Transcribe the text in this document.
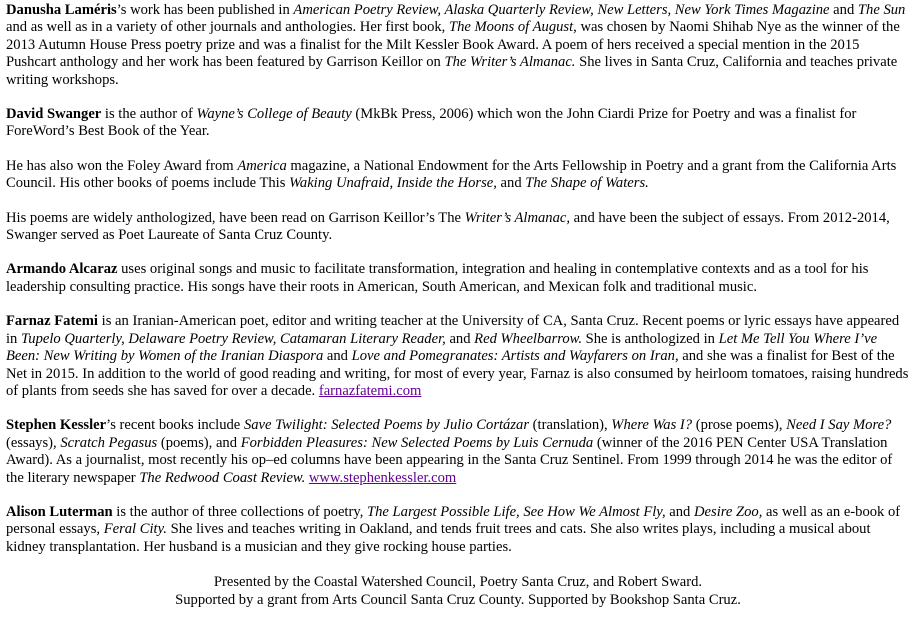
Danusha Laméris’s work has been published in American Poetry Review, Alaska Quarterly Review, New Letters, New York Times Magazine and The Sun and as well as in a variety of other journals and anthologies. Her first book, The Moons of August, was chosen by Naomi Shihab Nye as the winner of the 2013 Autumn House Press poetry prize and was a finalist for the Milt Kessler Book Award. A poem of hers received a special mention in the 2015 Pushcart anthology and her work has been featured by Garrison Keillor on The Writer’s Almanac. She lives in Santa Cruz, California and teaches private writing workshops.

David Swanger is the author of Wayne’s College of Beauty (MkBk Press, 2006) which won the John Ciardi Prize for Poetry and was a finalist for ForeWord’s Best Book of the Year.

He has also won the Foley Award from America magazine, a National Endowment for the Arts Fellowship in Poetry and a grant from the California Arts Council. His other books of poems include This Waking Unafraid, Inside the Horse, and The Shape of Waters.

His poems are widely anthologized, have been read on Garrison Keillor’s The Writer’s Almanac, and have been the subject of essays. From 2012-2014, Swanger served as Poet Laureate of Santa Cruz County.

Armando Alcaraz uses original songs and music to facilitate transformation, integration and healing in contemplative contexts and as a tool for his leadership consulting practice. His songs have their roots in American, South American, and Mexican folk and traditional music.

Farnaz Fatemi is an Iranian-American poet, editor and writing teacher at the University of CA, Santa Cruz. Recent poems or lyric essays have appeared in Tupelo Quarterly, Delaware Poetry Review, Catamaran Literary Reader, and Red Wheelbarrow. She is anthologized in Let Me Tell You Where I’ve Been: New Writing by Women of the Iranian Diaspora and Love and Pomegranates: Artists and Wayfarers on Iran, and she was a finalist for Best of the Net in 2015. In addition to the world of good reading and writing, for most of every year, Farnaz is also consumed by heirloom tomatoes, raising hundreds of plants from seeds she has saved for over a decade. farnazfatemi.com

Stephen Kessler’s recent books include Save Twilight: Selected Poems by Julio Cortázar (translation), Where Was I? (prose poems), Need I Say More? (essays), Scratch Pegasus (poems), and Forbidden Pleasures: New Selected Poems by Luis Cernuda (winner of the 2016 PEN Center USA Translation Award). As a journalist, most recently his op–ed columns have been appearing in the Santa Cruz Sentinel. From 1999 through 2014 he was the editor of the literary newspaper The Redwood Coast Review. www.stephenkessler.com

Alison Luterman is the author of three collections of poetry, The Largest Possible Life, See How We Almost Fly, and Desire Zoo, as well as an e-book of personal essays, Feral City. She lives and teaches writing in Oakland, and tends fruit trees and cats. She also writes plays, including a musical about kidney transplantation. Her husband is a musician and they give rocking house parties.

Presented by the Coastal Watershed Council, Poetry Santa Cruz, and Robert Sward.
Supported by a grant from Arts Council Santa Cruz County. Supported by Bookshop Santa Cruz.
